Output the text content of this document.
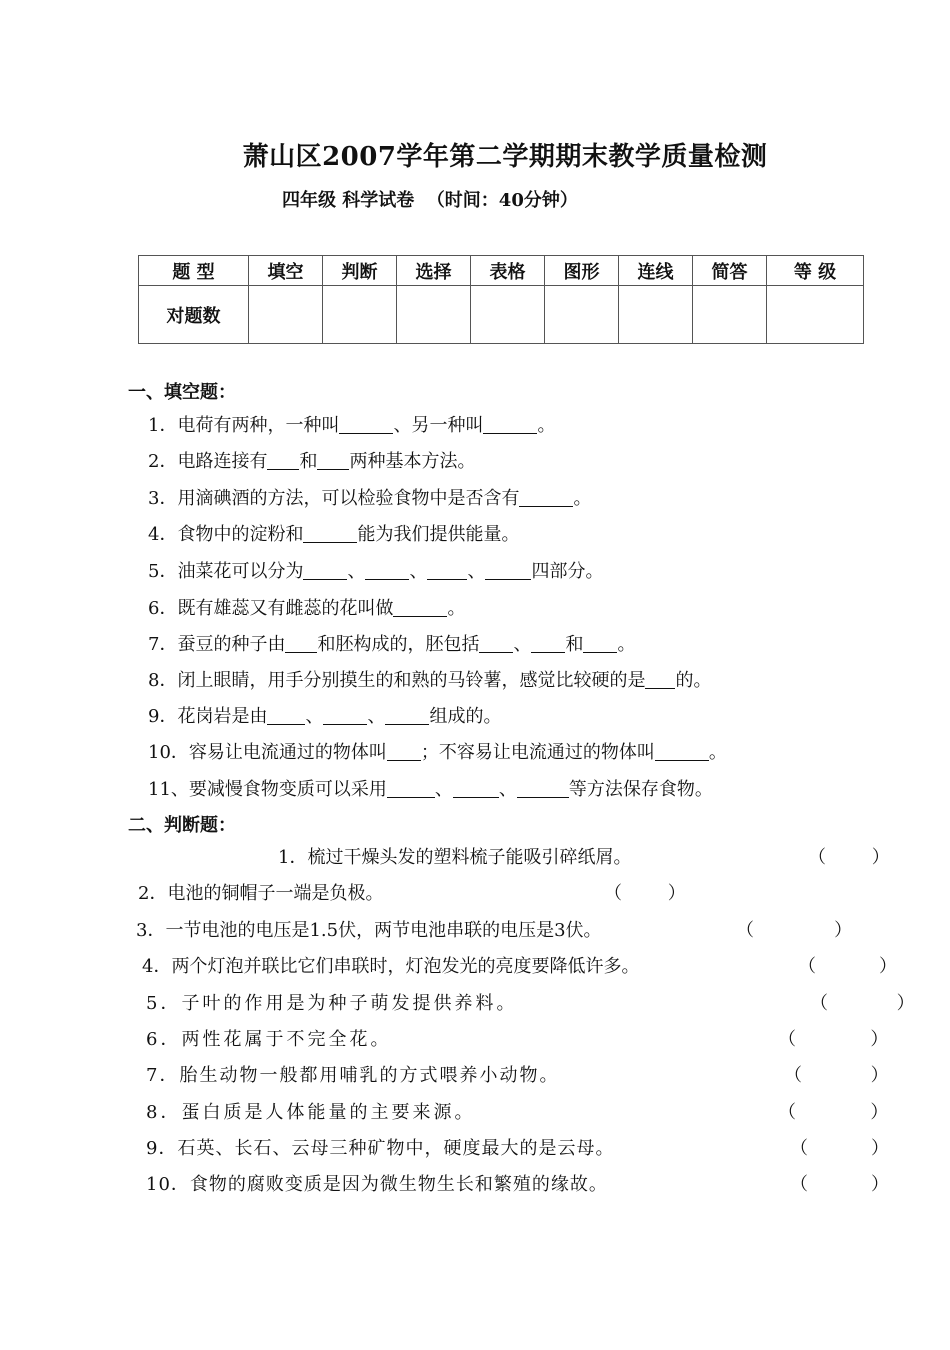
萧山区2007学年第二学期期末教学质量检测
四年级 科学试卷  （时间：40分钟）
题 型	填空	判断	选择	表格	图形	连线	简答	等 级
对题数								
一、填空题：
1．电荷有两种，一种叫	、另一种叫	。
2．电路连接有 和 两种基本方法。
3．用滴碘酒的方法，可以检验食物中是否含有	。
4．食物中的淀粉和	能为我们提供能量。
5．油菜花可以分为 、 、 、	四部分。
6．既有雄蕊又有雌蕊的花叫做	。
7．蚕豆的种子由 和胚构成的，胚包括 、 和 。
8．闭上眼睛，用手分别摸生的和熟的马铃薯，感觉比较硬的是 的。
9．花岗岩是由 、 、 组成的。
10．容易让电流通过的物体叫 ；不容易让电流通过的物体叫	。
11、要减慢食物变质可以采用	、	、	等方法保存食物。
二、判断题：
1．梳过干燥头发的塑料梳子能吸引碎纸屑。	（        ）
2．电池的铜帽子一端是负极。	（        ）
3．一节电池的电压是1.5伏，两节电池串联的电压是3伏。	（              ）
4．两个灯泡并联比它们串联时，灯泡发光的亮度要降低许多。	（           ）
5．子叶的作用是为种子萌发提供养料。	（            ）
6．两性花属于不完全花。	（             ）
7．胎生动物一般都用哺乳的方式喂养小动物。	（            ）
8．蛋白质是人体能量的主要来源。	（             ）
9．石英、长石、云母三种矿物中，硬度最大的是云母。	（           ）
10．食物的腐败变质是因为微生物生长和繁殖的缘故。	（           ）
